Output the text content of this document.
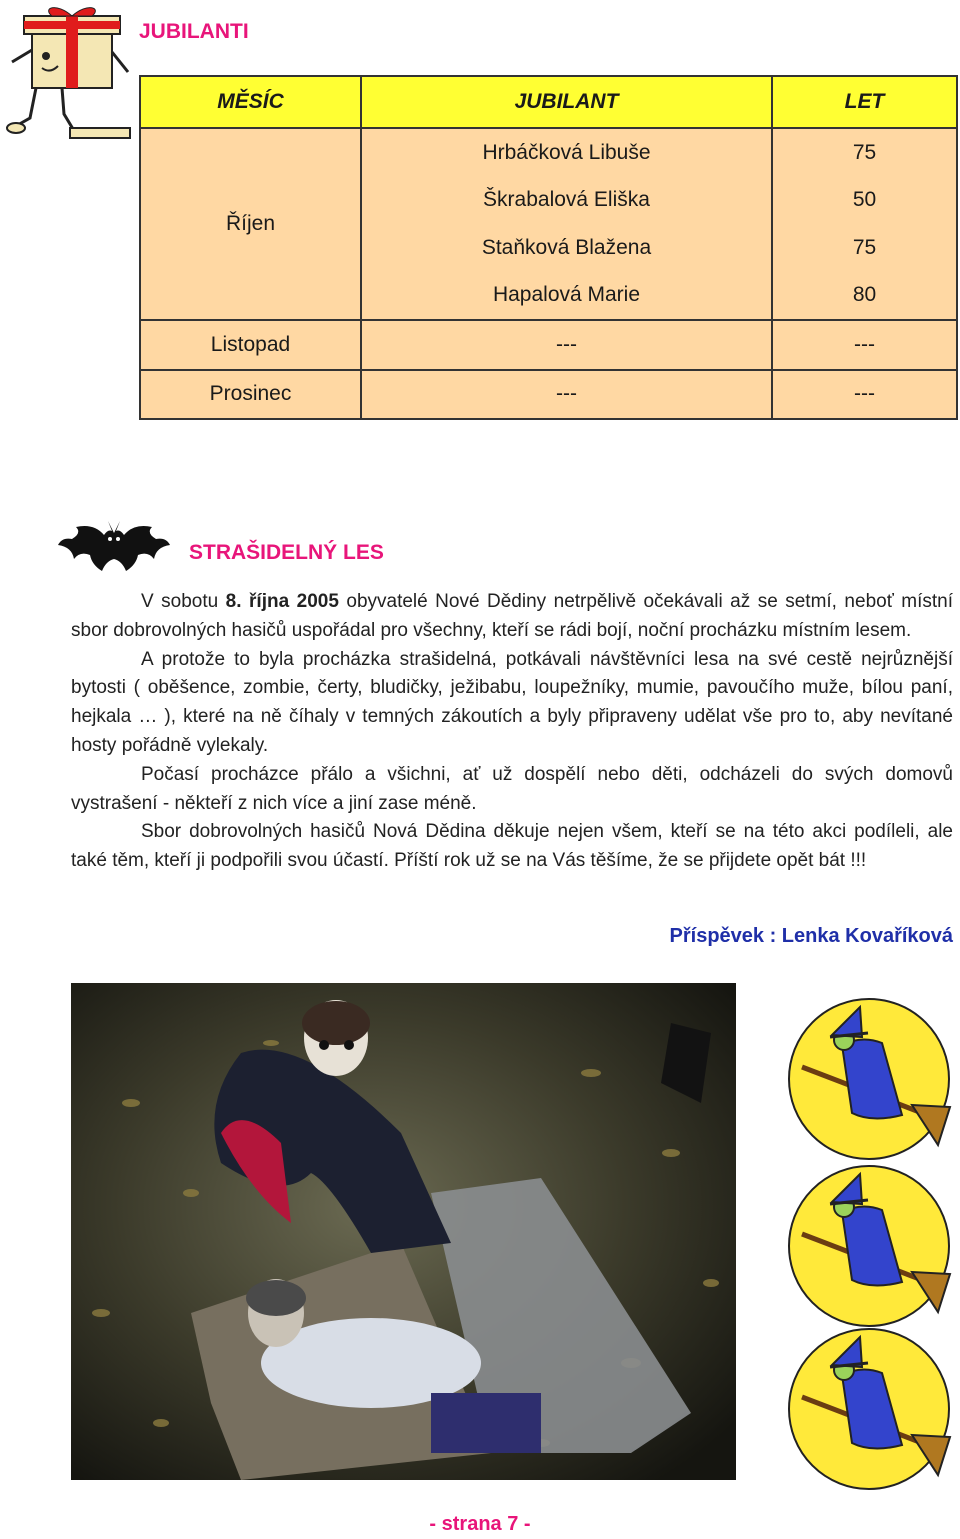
JUBILANTI
MĚSÍC	JUBILANT	LET
Říjen	Hrbáčková Libuše	75
	Škrabalová Eliška	50
	Staňková Blažena	75
	Hapalová Marie	80
Listopad	---	---
Prosinec	---	---
STRAŠIDELNÝ LES

V sobotu 8. října 2005 obyvatelé Nové Dědiny netrpělivě očekávali až se setmí, neboť místní sbor dobrovolných hasičů uspořádal pro všechny, kteří se rádi bojí, noční procházku místním lesem.

A protože to byla procházka strašidelná, potkávali návštěvníci lesa na své cestě nejrůznější bytosti ( oběšence, zombie, čerty, bludičky, ježibabu, loupežníky, mumie, pavoučího muže, bílou paní, hejkala … ), které na ně číhaly v temných zákoutích a byly připraveny udělat vše pro to, aby nevítané hosty pořádně vylekaly.

Počasí procházce přálo a všichni, ať už dospělí nebo děti, odcházeli do svých domovů vystrašení - někteří z nich více a jiní zase méně.

Sbor dobrovolných hasičů Nová Dědina děkuje nejen všem, kteří se na této akci podíleli, ale také těm, kteří ji podpořili svou účastí. Příští rok už se na Vás těšíme, že se přijdete opět bát !!!

Příspěvek : Lenka Kovaříková
- strana 7 -
